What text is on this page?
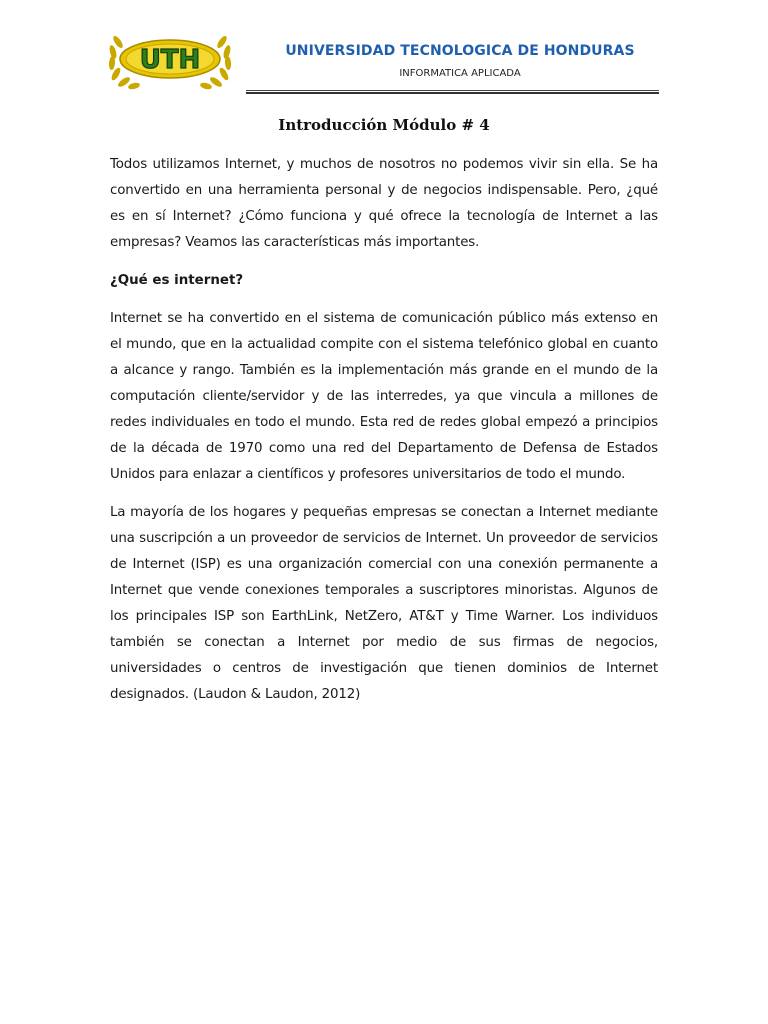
UTH	UNIVERSIDAD TECNOLOGICA DE HONDURAS
INFORMATICA APLICADA
Introducción Módulo # 4

Todos utilizamos Internet, y muchos de nosotros no podemos vivir sin ella. Se ha convertido en una herramienta personal y de negocios indispensable. Pero, ¿qué es en sí Internet? ¿Cómo funciona y qué ofrece la tecnología de Internet a las empresas? Veamos las características más importantes.

¿Qué es internet?

Internet se ha convertido en el sistema de comunicación público más extenso en el mundo, que en la actualidad compite con el sistema telefónico global en cuanto a alcance y rango. También es la implementación más grande en el mundo de la computación cliente/servidor y de las interredes, ya que vincula a millones de redes individuales en todo el mundo. Esta red de redes global empezó a principios de la década de 1970 como una red del Departamento de Defensa de Estados Unidos para enlazar a científicos y profesores universitarios de todo el mundo.

La mayoría de los hogares y pequeñas empresas se conectan a Internet mediante una suscripción a un proveedor de servicios de Internet. Un proveedor de servicios de Internet (ISP) es una organización comercial con una conexión permanente a Internet que vende conexiones temporales a suscriptores minoristas. Algunos de los principales ISP son EarthLink, NetZero, AT&T y Time Warner. Los individuos también se conectan a Internet por medio de sus firmas de negocios, universidades o centros de investigación que tienen dominios de Internet designados. (Laudon & Laudon, 2012)
